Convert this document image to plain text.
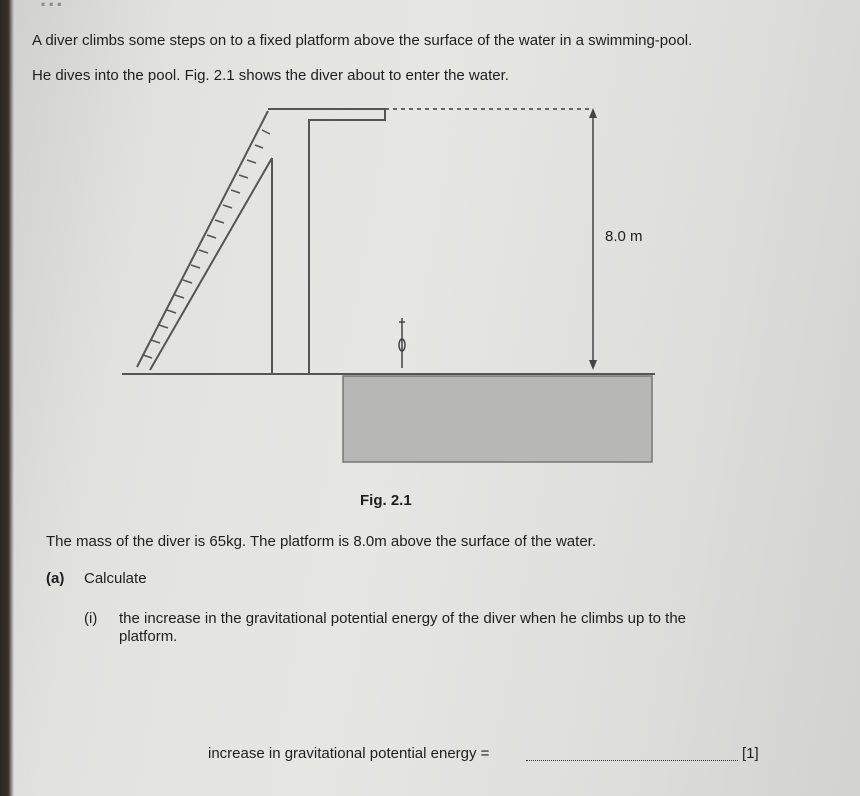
A diver climbs some steps on to a fixed platform above the surface of the water in a swimming-pool.
He dives into the pool. Fig. 2.1 shows the diver about to enter the water.
8.0 m
Fig. 2.1
The mass of the diver is 65kg. The platform is 8.0m above the surface of the water.
(a) Calculate
(i) the increase in the gravitational potential energy of the diver when he climbs up to the
platform.
increase in gravitational potential energy =	[1]
